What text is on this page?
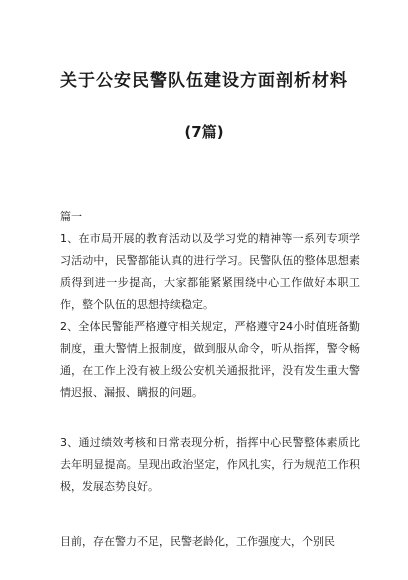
关于公安民警队伍建设方面剖析材料
(7篇)

篇一

1、在市局开展的教育活动以及学习党的精神等一系列专项学习活动中，民警都能认真的进行学习。民警队伍的整体思想素质得到进一步提高，大家都能紧紧围绕中心工作做好本职工作，整个队伍的思想持续稳定。

2、全体民警能严格遵守相关规定，严格遵守24小时值班备勤制度，重大警情上报制度，做到服从命令，听从指挥，警令畅通，在工作上没有被上级公安机关通报批评，没有发生重大警情迟报、漏报、瞒报的问题。

3、通过绩效考核和日常表现分析，指挥中心民警整体素质比去年明显提高。呈现出政治坚定，作风扎实，行为规范工作积极，发展态势良好。

目前，存在警力不足，民警老龄化，工作强度大，个别民
